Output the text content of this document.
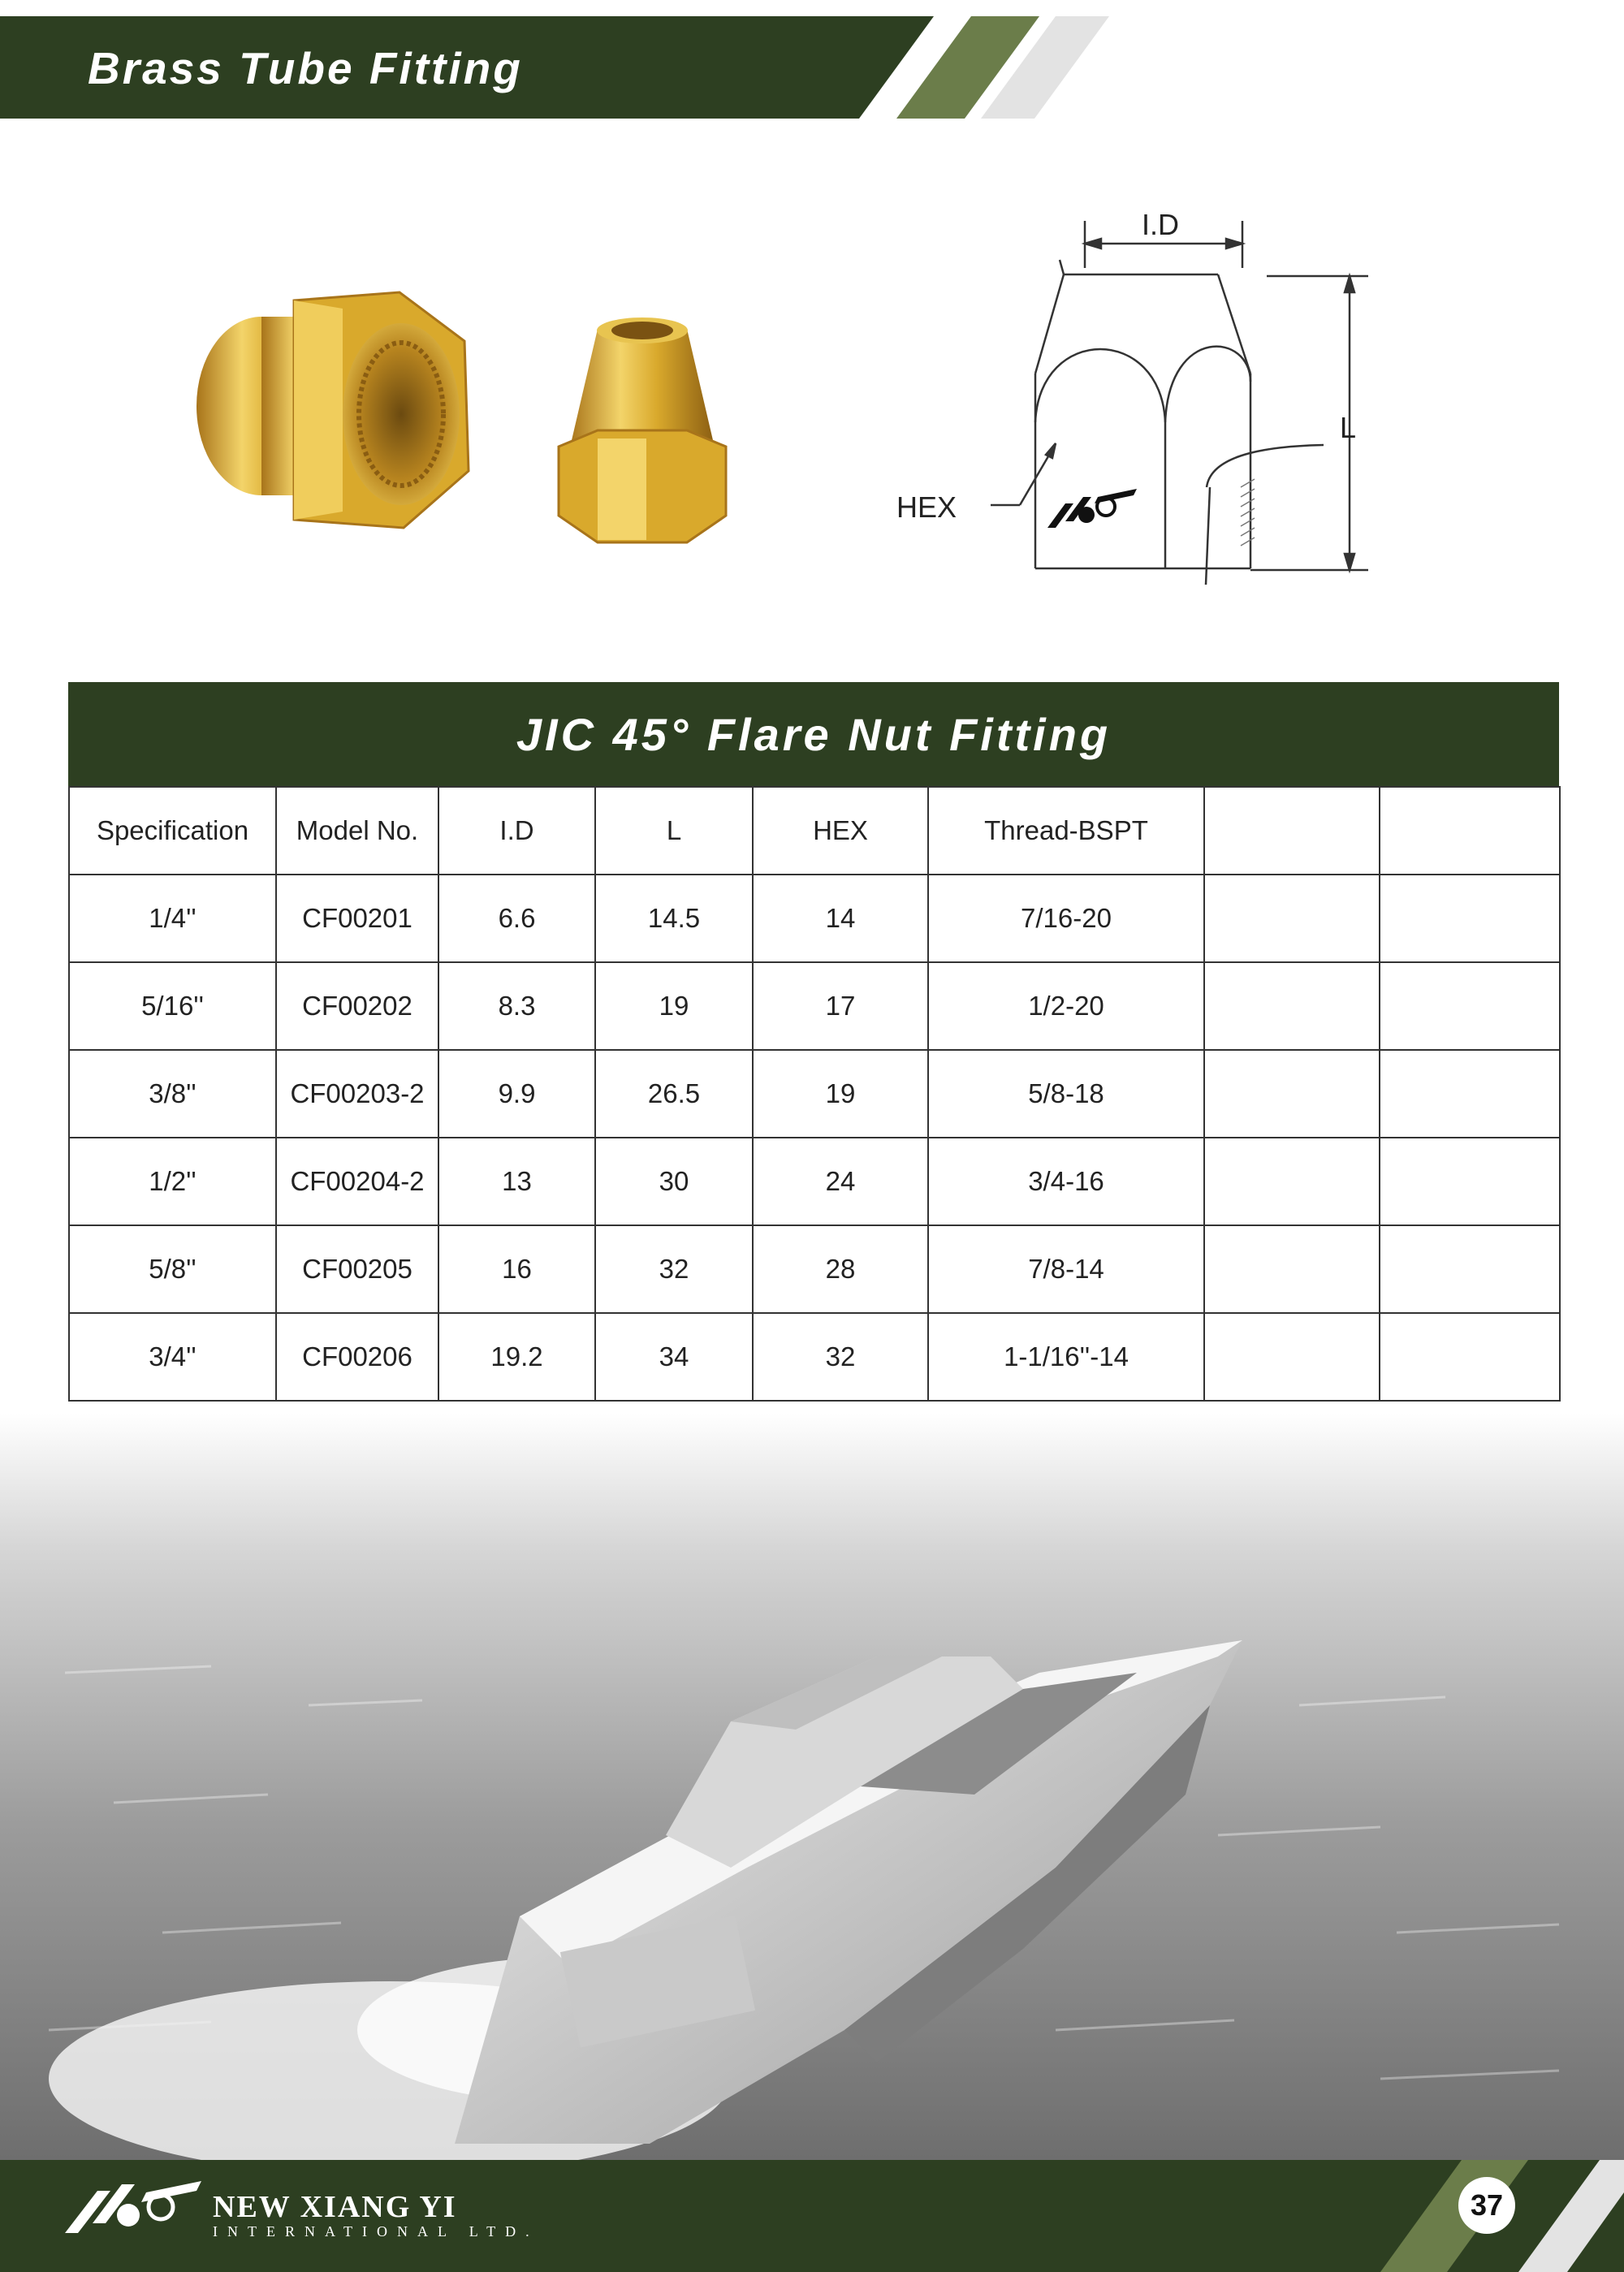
Brass Tube Fitting
I.D
L
HEX
JIC 45° Flare Nut Fitting
Specification	Model No.	I.D	L	HEX	Thread-BSPT		
1/4''	CF00201	6.6	14.5	14	7/16-20		
5/16''	CF00202	8.3	19	17	1/2-20		
3/8''	CF00203-2	9.9	26.5	19	5/8-18		
1/2''	CF00204-2	13	30	24	3/4-16		
5/8''	CF00205	16	32	28	7/8-14		
3/4''	CF00206	19.2	34	32	1-1/16''-14		
NEW XIANG YI
INTERNATIONAL LTD.
37
